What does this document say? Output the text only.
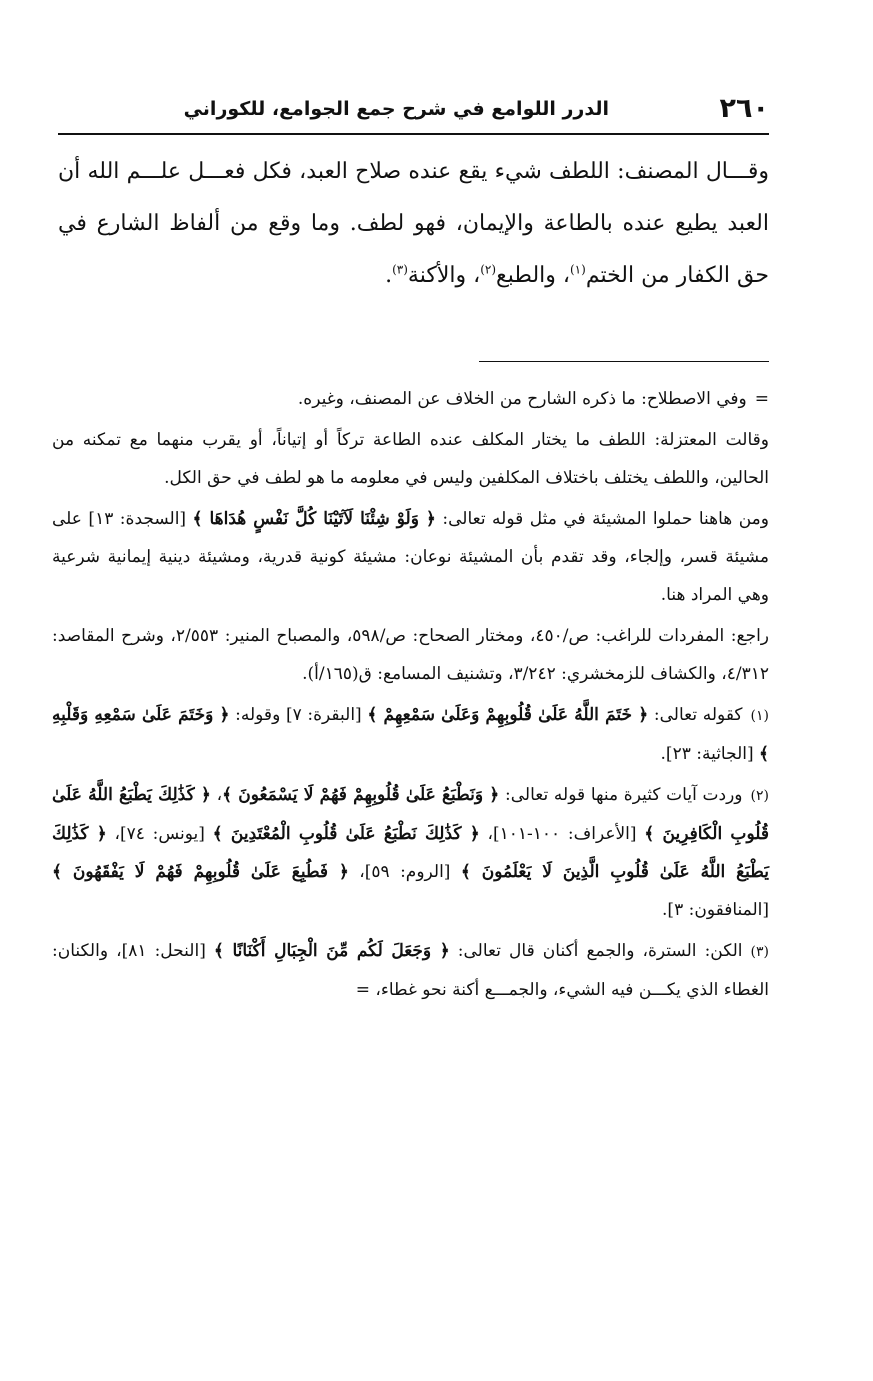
٢٦٠
الدرر اللوامع في شرح جمع الجوامع، للكوراني
وقـــال المصنف: اللطف شيء يقع عنده صلاح العبد، فكل فعـــل علـــم الله أن العبد يطيع عنده بالطاعة والإيمان، فهو لطف. وما وقع من ألفاظ الشارع في حق الكفار من الختم$^{(١)}$، والطبع$^{(٢)}$، والأكنة$^{(٣)}$.

=وفي الاصطلاح: ما ذكره الشارح من الخلاف عن المصنف، وغيره.

وقالت المعتزلة: اللطف ما يختار المكلف عنده الطاعة تركاً أو إتياناً، أو يقرب منهما مع تمكنه من الحالين، واللطف يختلف باختلاف المكلفين وليس في معلومه ما هو لطف في حق الكل.

ومن هاهنا حملوا المشيئة في مثل قوله تعالى: ﴿ وَلَوْ شِئْنَا لَآتَيْنَا كُلَّ نَفْسٍ هُدَاهَا ﴾ [السجدة: ١٣] على مشيئة قسر، وإلجاء، وقد تقدم بأن المشيئة نوعان: مشيئة كونية قدرية، ومشيئة دينية إيمانية شرعية وهي المراد هنا.

راجع: المفردات للراغب: ص/٤٥٠، ومختار الصحاح: ص/٥٩٨، والمصباح المنير: ٢/٥٥٣، وشرح المقاصد: ٤/٣١٢، والكشاف للزمخشري: ٣/٢٤٢، وتشنيف المسامع: ق(١٦٥/أ).

(١)كقوله تعالى: ﴿ خَتَمَ اللَّهُ عَلَىٰ قُلُوبِهِمْ وَعَلَىٰ سَمْعِهِمْ ﴾ [البقرة: ٧] وقوله: ﴿ وَخَتَمَ عَلَىٰ سَمْعِهِ وَقَلْبِهِ ﴾ [الجاثية: ٢٣].

(٢)وردت آيات كثيرة منها قوله تعالى: ﴿ وَنَطْبَعُ عَلَىٰ قُلُوبِهِمْ فَهُمْ لَا يَسْمَعُونَ ﴾، ﴿ كَذَٰلِكَ يَطْبَعُ اللَّهُ عَلَىٰ قُلُوبِ الْكَافِرِينَ ﴾ [الأعراف: ١٠٠-١٠١]، ﴿ كَذَٰلِكَ نَطْبَعُ عَلَىٰ قُلُوبِ الْمُعْتَدِينَ ﴾ [يونس: ٧٤]، ﴿ كَذَٰلِكَ يَطْبَعُ اللَّهُ عَلَىٰ قُلُوبِ الَّذِينَ لَا يَعْلَمُونَ ﴾ [الروم: ٥٩]، ﴿ فَطُبِعَ عَلَىٰ قُلُوبِهِمْ فَهُمْ لَا يَفْقَهُونَ ﴾ [المنافقون: ٣].

(٣)الكن: السترة، والجمع أكنان قال تعالى: ﴿ وَجَعَلَ لَكُم مِّنَ الْجِبَالِ أَكْنَانًا ﴾ [النحل: ٨١]، والكنان: الغطاء الذي يكـــن فيه الشيء، والجمـــع أكنة نحو غطاء، =
